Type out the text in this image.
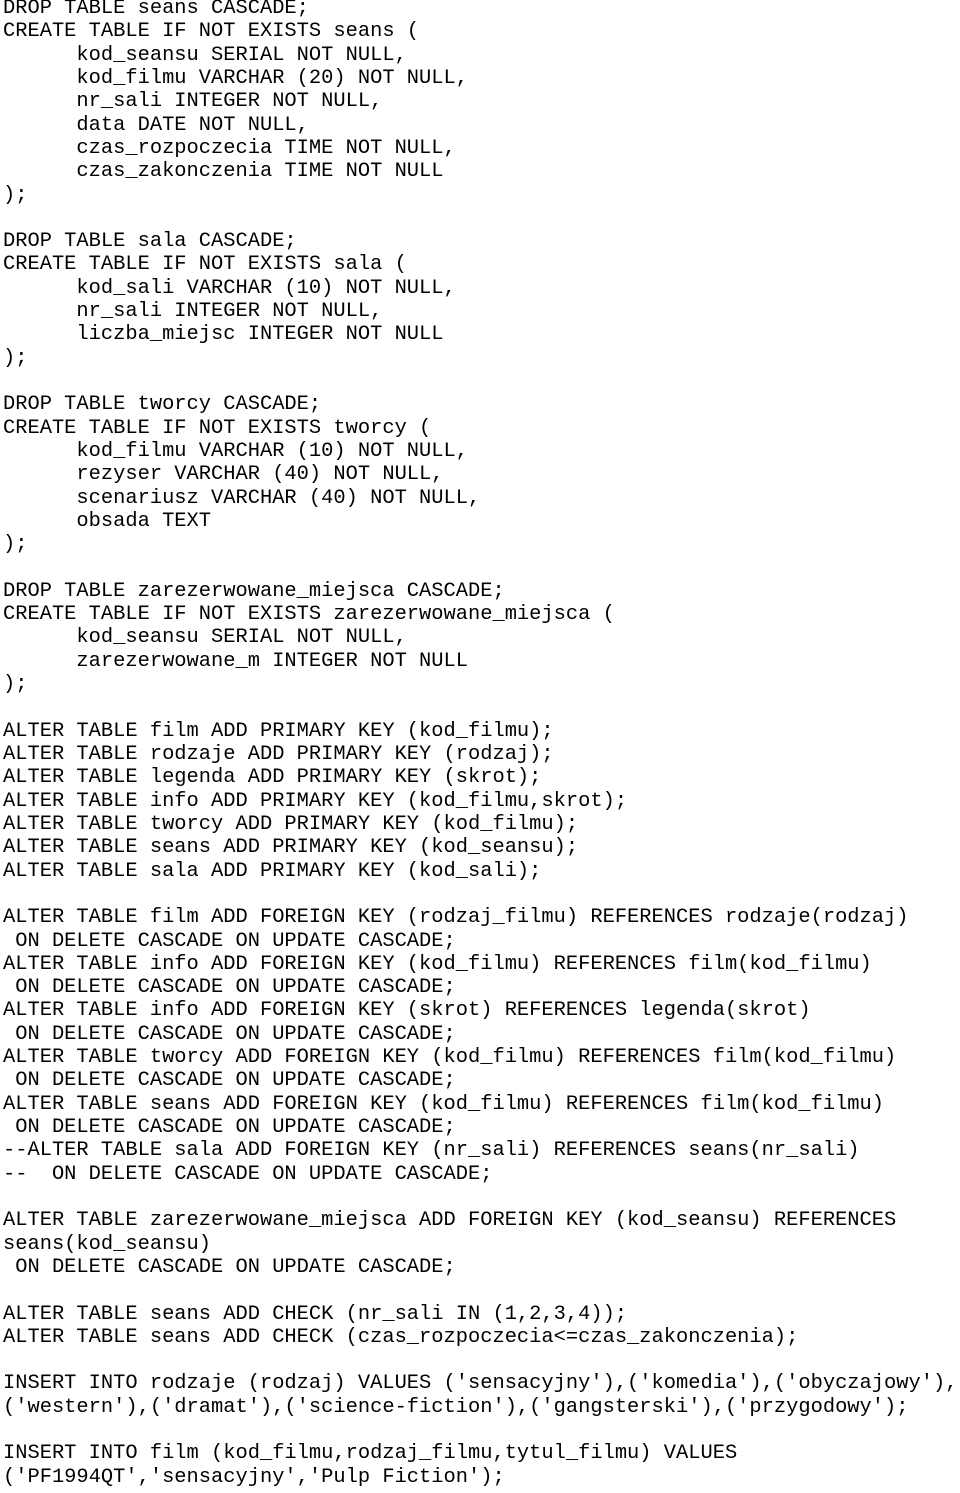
DROP TABLE seans CASCADE;
CREATE TABLE IF NOT EXISTS seans (
kod_seansu SERIAL NOT NULL,
kod_filmu VARCHAR (20) NOT NULL,
nr_sali INTEGER NOT NULL,
data DATE NOT NULL,
czas_rozpoczecia TIME NOT NULL,
czas_zakonczenia TIME NOT NULL
);
DROP TABLE sala CASCADE;
CREATE TABLE IF NOT EXISTS sala (
kod_sali VARCHAR (10) NOT NULL,
nr_sali INTEGER NOT NULL,
liczba_miejsc INTEGER NOT NULL
);
DROP TABLE tworcy CASCADE;
CREATE TABLE IF NOT EXISTS tworcy (
kod_filmu VARCHAR (10) NOT NULL,
rezyser VARCHAR (40) NOT NULL,
scenariusz VARCHAR (40) NOT NULL,
obsada TEXT
);
DROP TABLE zarezerwowane_miejsca CASCADE;
CREATE TABLE IF NOT EXISTS zarezerwowane_miejsca (
kod_seansu SERIAL NOT NULL,
zarezerwowane_m INTEGER NOT NULL
);
ALTER TABLE film ADD PRIMARY KEY (kod_filmu);
ALTER TABLE rodzaje ADD PRIMARY KEY (rodzaj);
ALTER TABLE legenda ADD PRIMARY KEY (skrot);
ALTER TABLE info ADD PRIMARY KEY (kod_filmu,skrot);
ALTER TABLE tworcy ADD PRIMARY KEY (kod_filmu);
ALTER TABLE seans ADD PRIMARY KEY (kod_seansu);
ALTER TABLE sala ADD PRIMARY KEY (kod_sali);
ALTER TABLE film ADD FOREIGN KEY (rodzaj_filmu) REFERENCES rodzaje(rodzaj)
ON DELETE CASCADE ON UPDATE CASCADE;
ALTER TABLE info ADD FOREIGN KEY (kod_filmu) REFERENCES film(kod_filmu)
ON DELETE CASCADE ON UPDATE CASCADE;
ALTER TABLE info ADD FOREIGN KEY (skrot) REFERENCES legenda(skrot)
ON DELETE CASCADE ON UPDATE CASCADE;
ALTER TABLE tworcy ADD FOREIGN KEY (kod_filmu) REFERENCES film(kod_filmu)
ON DELETE CASCADE ON UPDATE CASCADE;
ALTER TABLE seans ADD FOREIGN KEY (kod_filmu) REFERENCES film(kod_filmu)
ON DELETE CASCADE ON UPDATE CASCADE;
--ALTER TABLE sala ADD FOREIGN KEY (nr_sali) REFERENCES seans(nr_sali)
--  ON DELETE CASCADE ON UPDATE CASCADE;
ALTER TABLE zarezerwowane_miejsca ADD FOREIGN KEY (kod_seansu) REFERENCES
seans(kod_seansu)
ON DELETE CASCADE ON UPDATE CASCADE;
ALTER TABLE seans ADD CHECK (nr_sali IN (1,2,3,4));
ALTER TABLE seans ADD CHECK (czas_rozpoczecia<=czas_zakonczenia);
INSERT INTO rodzaje (rodzaj) VALUES ('sensacyjny'),('komedia'),('obyczajowy'),
('western'),('dramat'),('science-fiction'),('gangsterski'),('przygodowy');
INSERT INTO film (kod_filmu,rodzaj_filmu,tytul_filmu) VALUES
('PF1994QT','sensacyjny','Pulp Fiction');
